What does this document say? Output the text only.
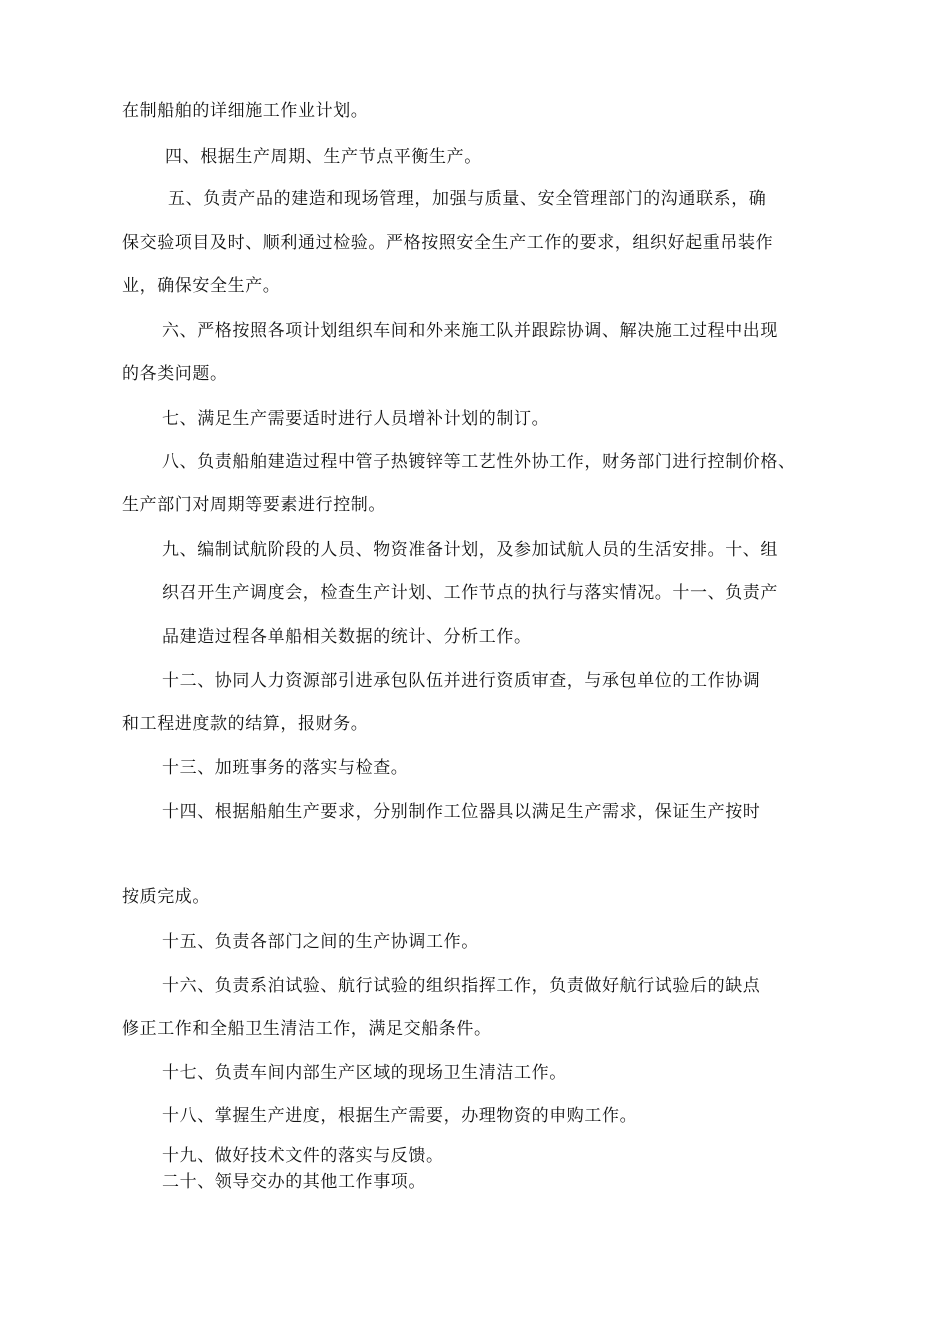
在制船舶的详细施工作业计划。
四、根据生产周期、生产节点平衡生产。
五、负责产品的建造和现场管理，加强与质量、安全管理部门的沟通联系，确
保交验项目及时、顺利通过检验。严格按照安全生产工作的要求，组织好起重吊装作
业，确保安全生产。
六、严格按照各项计划组织车间和外来施工队并跟踪协调、解决施工过程中出现
的各类问题。
七、满足生产需要适时进行人员增补计划的制订。
八、负责船舶建造过程中管子热镀锌等工艺性外协工作，财务部门进行控制价格、
生产部门对周期等要素进行控制。
九、编制试航阶段的人员、物资准备计划，及参加试航人员的生活安排。十、组
织召开生产调度会，检查生产计划、工作节点的执行与落实情况。十一、负责产
品建造过程各单船相关数据的统计、分析工作。
十二、协同人力资源部引进承包队伍并进行资质审查，与承包单位的工作协调
和工程进度款的结算，报财务。
十三、加班事务的落实与检查。
十四、根据船舶生产要求，分别制作工位器具以满足生产需求，保证生产按时
按质完成。
十五、负责各部门之间的生产协调工作。
十六、负责系泊试验、航行试验的组织指挥工作，负责做好航行试验后的缺点
修正工作和全船卫生清洁工作，满足交船条件。
十七、负责车间内部生产区域的现场卫生清洁工作。
十八、掌握生产进度，根据生产需要，办理物资的申购工作。
十九、做好技术文件的落实与反馈。
二十、领导交办的其他工作事项。
